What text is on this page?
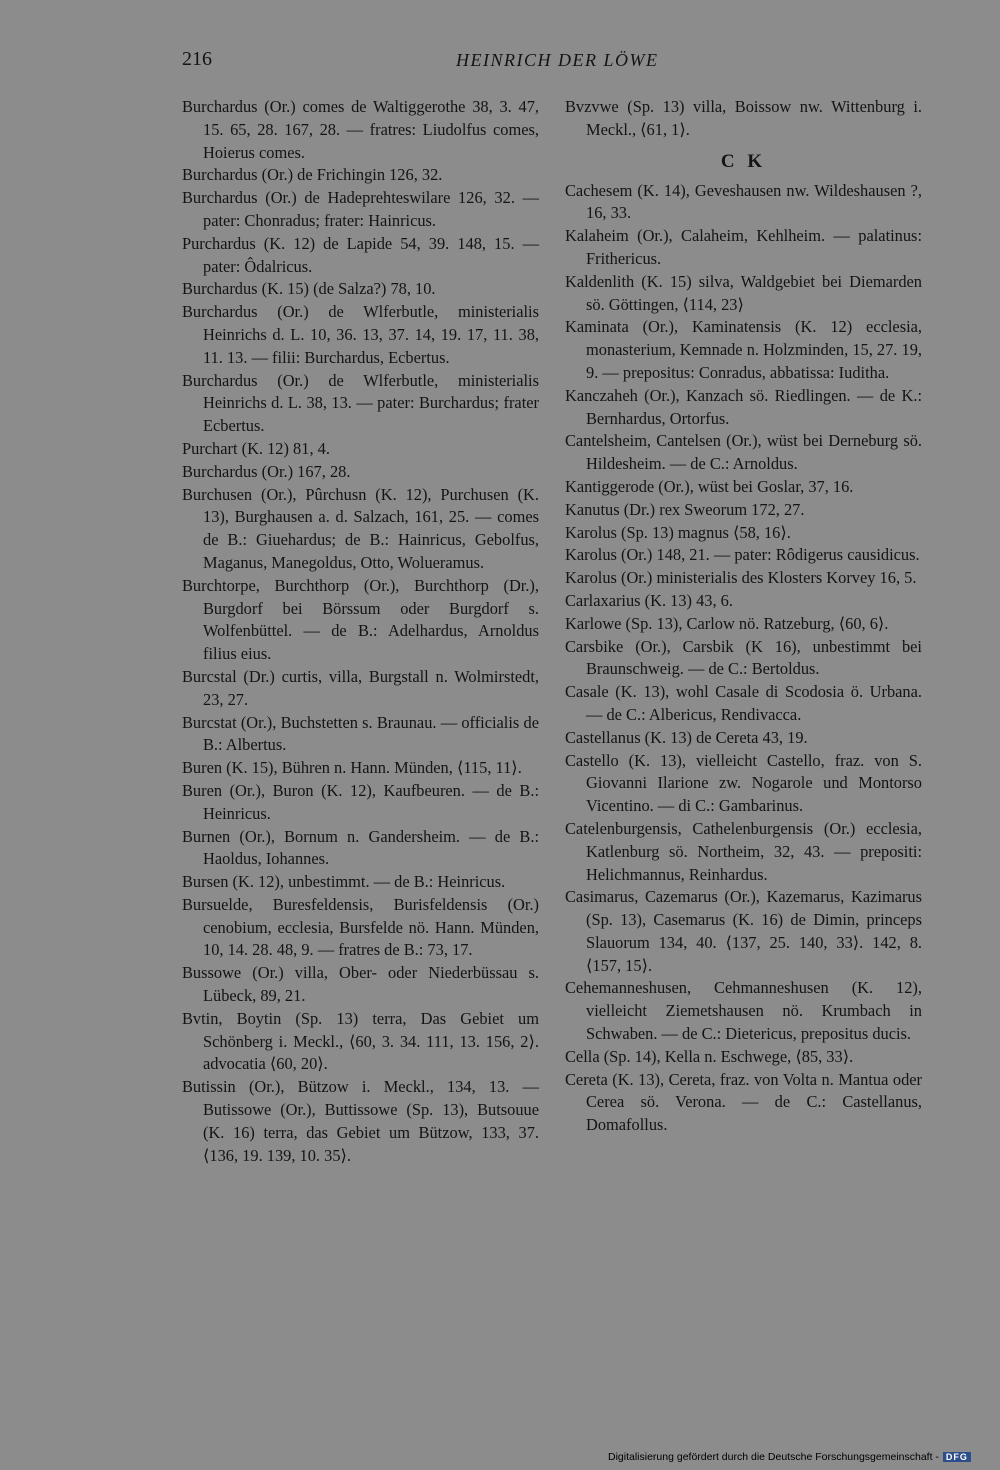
216	HEINRICH DER LÖWE

Burchardus (Or.) comes de Waltiggerothe 38, 3. 47, 15. 65, 28. 167, 28. — fratres: Liudolfus comes, Hoierus comes.

Burchardus (Or.) de Frichingin 126, 32.

Burchardus (Or.) de Hadeprehteswilare 126, 32. — pater: Chonradus; frater: Hainricus.

Purchardus (K. 12) de Lapide 54, 39. 148, 15. — pater: Ôdalricus.

Burchardus (K. 15) (de Salza?) 78, 10.

Burchardus (Or.) de Wlferbutle, ministerialis Heinrichs d. L. 10, 36. 13, 37. 14, 19. 17, 11. 38, 11. 13. — filii: Burchardus, Ecbertus.

Burchardus (Or.) de Wlferbutle, ministerialis Heinrichs d. L. 38, 13. — pater: Burchardus; frater Ecbertus.

Purchart (K. 12) 81, 4.

Burchardus (Or.) 167, 28.

Burchusen (Or.), Pûrchusn (K. 12), Purchusen (K. 13), Burghausen a. d. Salzach, 161, 25. — comes de B.: Giuehardus; de B.: Hainricus, Gebolfus, Maganus, Manegoldus, Otto, Wolueramus.

Burchtorpe, Burchthorp (Or.), Burchthorp (Dr.), Burgdorf bei Börssum oder Burgdorf s. Wolfenbüttel. — de B.: Adelhardus, Arnoldus filius eius.

Burcstal (Dr.) curtis, villa, Burgstall n. Wolmirstedt, 23, 27.

Burcstat (Or.), Buchstetten s. Braunau. — officialis de B.: Albertus.

Buren (K. 15), Bühren n. Hann. Münden, ⟨115, 11⟩.

Buren (Or.), Buron (K. 12), Kaufbeuren. — de B.: Heinricus.

Burnen (Or.), Bornum n. Gandersheim. — de B.: Haoldus, Iohannes.

Bursen (K. 12), unbestimmt. — de B.: Heinricus.

Bursuelde, Buresfeldensis, Burisfeldensis (Or.) cenobium, ecclesia, Bursfelde nö. Hann. Münden, 10, 14. 28. 48, 9. — fratres de B.: 73, 17.

Bussowe (Or.) villa, Ober- oder Niederbüssau s. Lübeck, 89, 21.

Bvtin, Boytin (Sp. 13) terra, Das Gebiet um Schönberg i. Meckl., ⟨60, 3. 34. 111, 13. 156, 2⟩. advocatia ⟨60, 20⟩.

Butissin (Or.), Bützow i. Meckl., 134, 13. — Butissowe (Or.), Buttissowe (Sp. 13), Butsouue (K. 16) terra, das Gebiet um Bützow, 133, 37. ⟨136, 19. 139, 10. 35⟩.

Bvzvwe (Sp. 13) villa, Boissow nw. Wittenburg i. Meckl., ⟨61, 1⟩.

C K

Cachesem (K. 14), Geveshausen nw. Wildeshausen ?, 16, 33.

Kalaheim (Or.), Calaheim, Kehlheim. — palatinus: Frithericus.

Kaldenlith (K. 15) silva, Waldgebiet bei Diemarden sö. Göttingen, ⟨114, 23⟩

Kaminata (Or.), Kaminatensis (K. 12) ecclesia, monasterium, Kemnade n. Holzminden, 15, 27. 19, 9. — prepositus: Conradus, abbatissa: Iuditha.

Kanczaheh (Or.), Kanzach sö. Riedlingen. — de K.: Bernhardus, Ortorfus.

Cantelsheim, Cantelsen (Or.), wüst bei Derneburg sö. Hildesheim. — de C.: Arnoldus.

Kantiggerode (Or.), wüst bei Goslar, 37, 16.

Kanutus (Dr.) rex Sweorum 172, 27.

Karolus (Sp. 13) magnus ⟨58, 16⟩.

Karolus (Or.) 148, 21. — pater: Rôdigerus causidicus.

Karolus (Or.) ministerialis des Klosters Korvey 16, 5.

Carlaxarius (K. 13) 43, 6.

Karlowe (Sp. 13), Carlow nö. Ratzeburg, ⟨60, 6⟩.

Carsbike (Or.), Carsbik (K 16), unbestimmt bei Braunschweig. — de C.: Bertoldus.

Casale (K. 13), wohl Casale di Scodosia ö. Urbana. — de C.: Albericus, Rendivacca.

Castellanus (K. 13) de Cereta 43, 19.

Castello (K. 13), vielleicht Castello, fraz. von S. Giovanni Ilarione zw. Nogarole und Montorso Vicentino. — di C.: Gambarinus.

Catelenburgensis, Cathelenburgensis (Or.) ecclesia, Katlenburg sö. Northeim, 32, 43. — prepositi: Helichmannus, Reinhardus.

Casimarus, Cazemarus (Or.), Kazemarus, Kazimarus (Sp. 13), Casemarus (K. 16) de Dimin, princeps Slauorum 134, 40. ⟨137, 25. 140, 33⟩. 142, 8. ⟨157, 15⟩.

Cehemanneshusen, Cehmanneshusen (K. 12), vielleicht Ziemetshausen nö. Krumbach in Schwaben. — de C.: Dietericus, prepositus ducis.

Cella (Sp. 14), Kella n. Eschwege, ⟨85, 33⟩.

Cereta (K. 13), Cereta, fraz. von Volta n. Mantua oder Cerea sö. Verona. — de C.: Castellanus, Domafollus.

Digitalisierung gefördert durch die Deutsche Forschungsgemeinschaft - DFG
